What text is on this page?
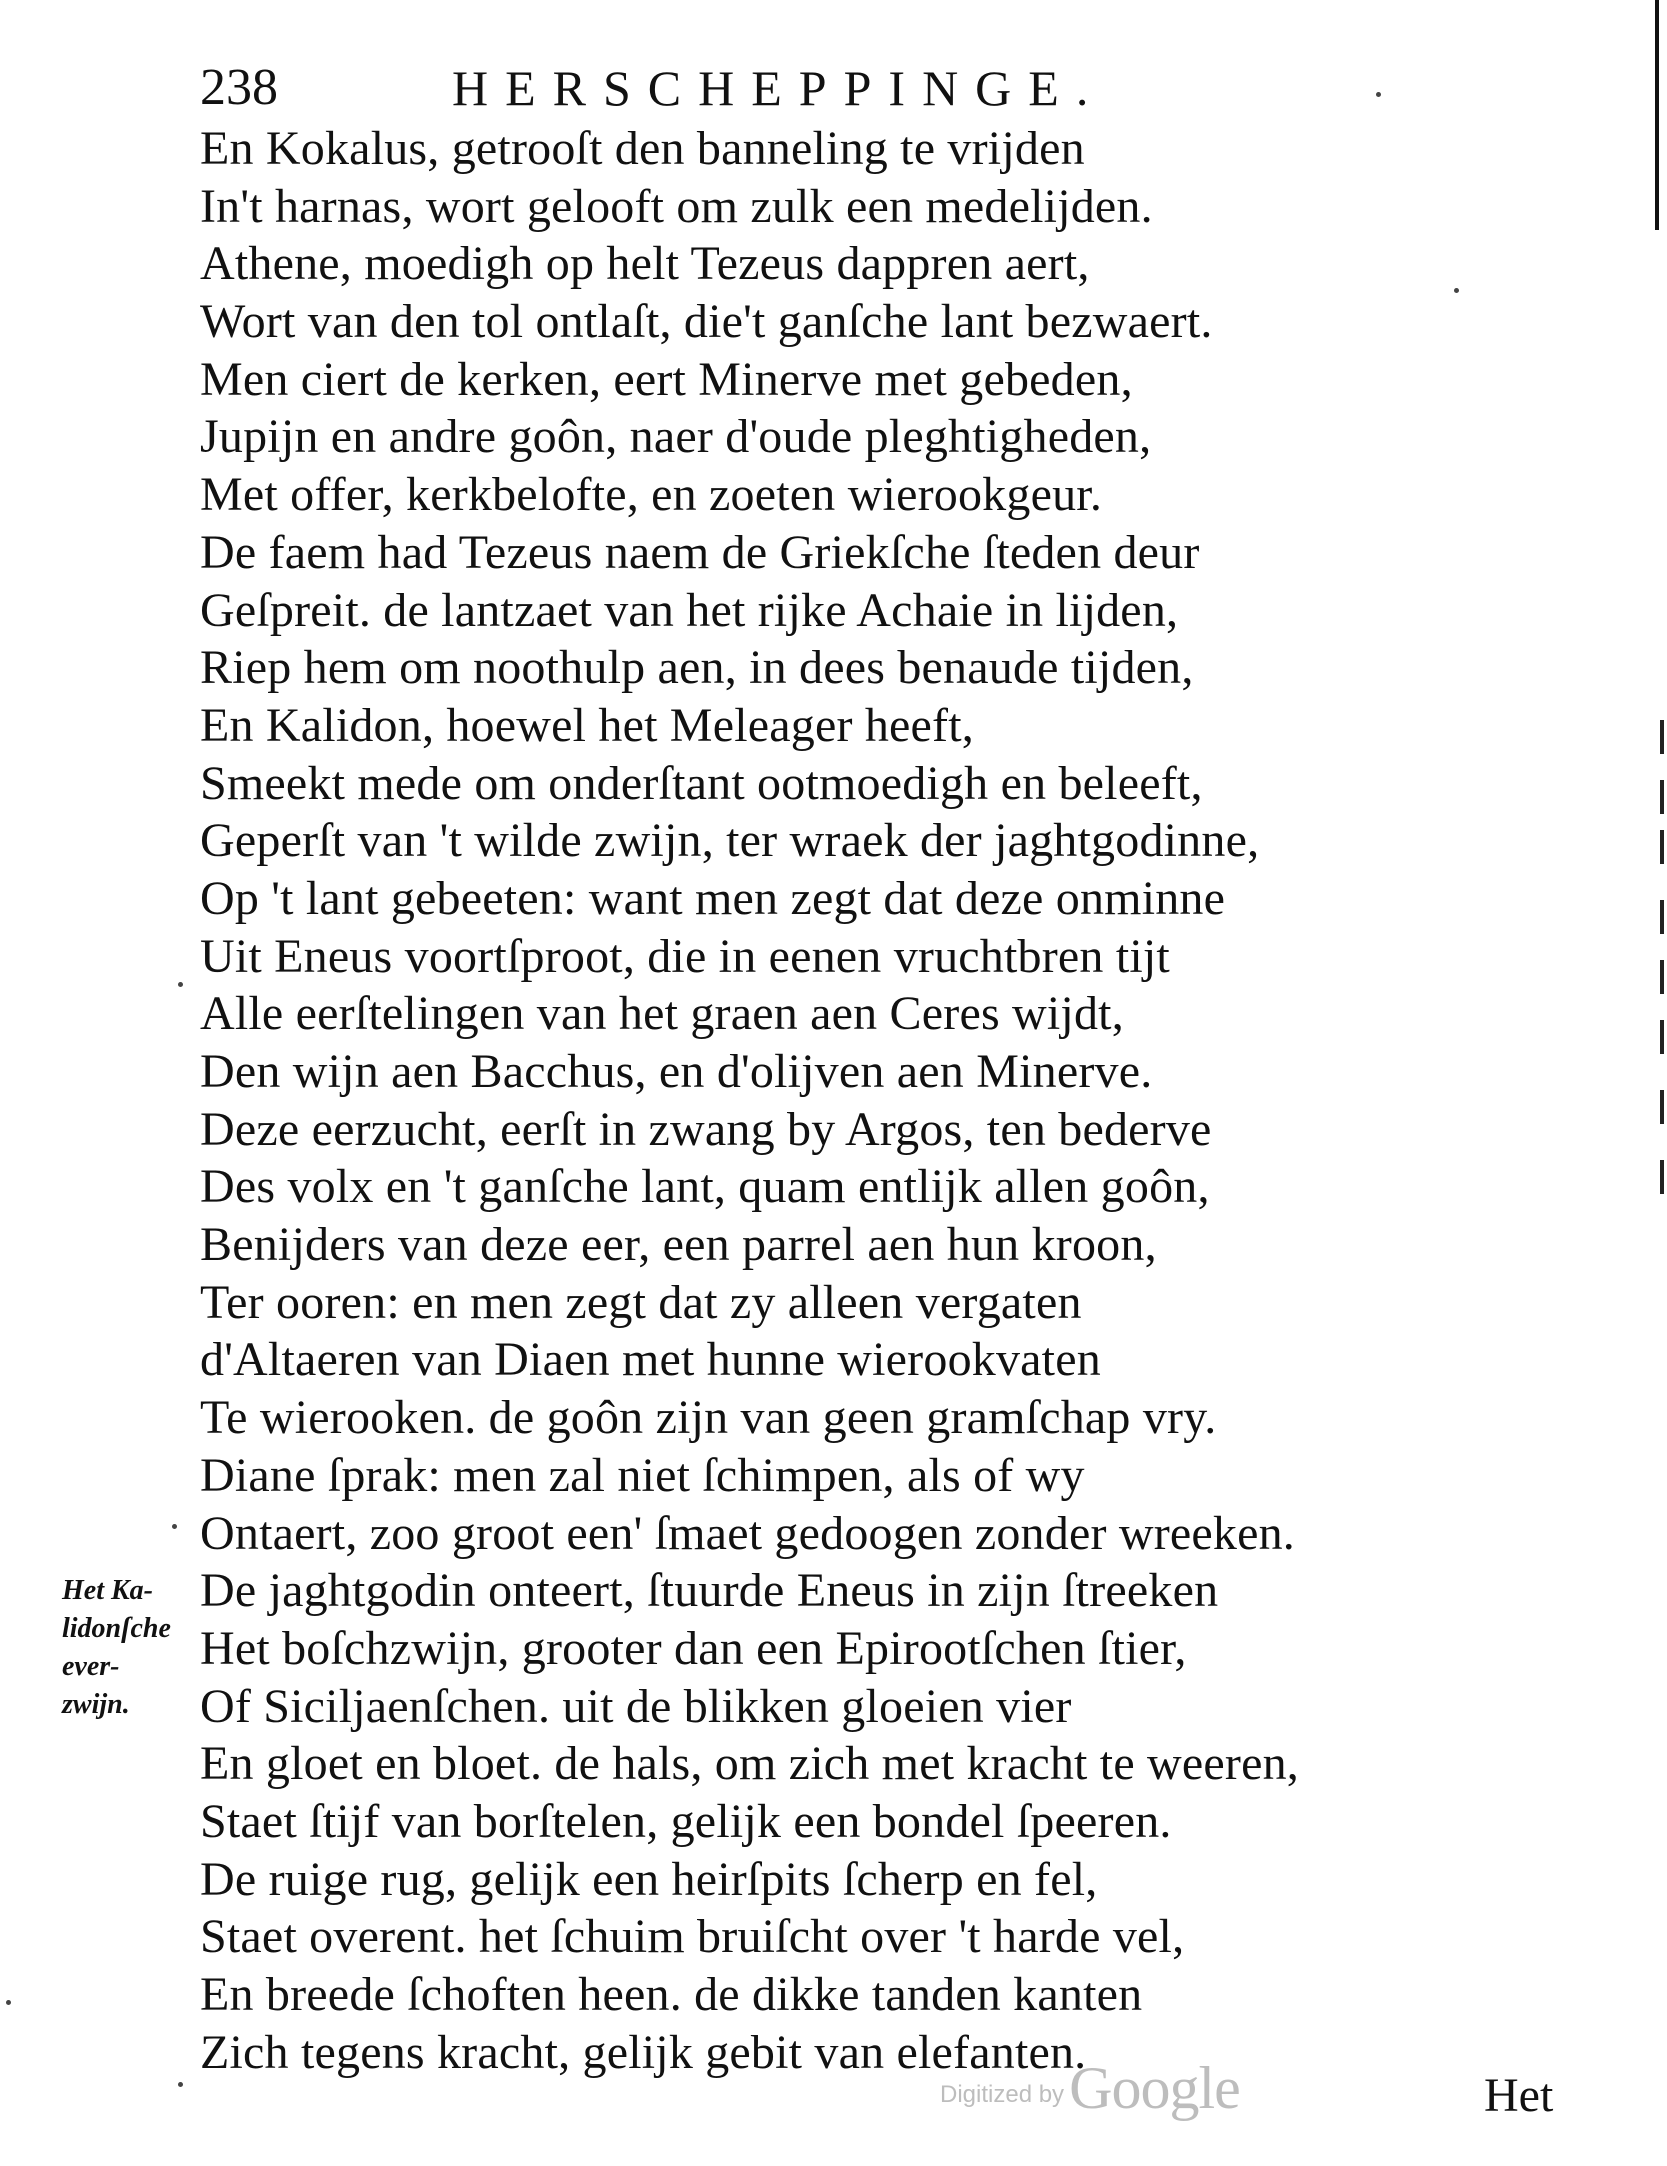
238	HERSCHEPPINGE.
En Kokalus, getrooſt den banneling te vrijden
In't harnas, wort gelooft om zulk een medelijden.
Athene, moedigh op helt Tezeus dappren aert,
Wort van den tol ontlaſt, die't ganſche lant bezwaert.
Men ciert de kerken, eert Minerve met gebeden,
Jupijn en andre goôn, naer d'oude pleghtigheden,
Met offer, kerkbelofte, en zoeten wierookgeur.
De faem had Tezeus naem de Griekſche ſteden deur
Geſpreit. de lantzaet van het rijke Achaie in lijden,
Riep hem om noothulp aen, in dees benaude tijden,
En Kalidon, hoewel het Meleager heeft,
Smeekt mede om onderſtant ootmoedigh en beleeft,
Geperſt van 't wilde zwijn, ter wraek der jaghtgodinne,
Op 't lant gebeeten: want men zegt dat deze onminne
Uit Eneus voortſproot, die in eenen vruchtbren tijt
Alle eerſtelingen van het graen aen Ceres wijdt,
Den wijn aen Bacchus, en d'olijven aen Minerve.
Deze eerzucht, eerſt in zwang by Argos, ten bederve
Des volx en 't ganſche lant, quam entlijk allen goôn,
Benijders van deze eer, een parrel aen hun kroon,
Ter ooren: en men zegt dat zy alleen vergaten
d'Altaeren van Diaen met hunne wierookvaten
Te wierooken. de goôn zijn van geen gramſchap vry.
Diane ſprak: men zal niet ſchimpen, als of wy
Ontaert, zoo groot een' ſmaet gedoogen zonder wreeken.
De jaghtgodin onteert, ſtuurde Eneus in zijn ſtreeken
Het boſchzwijn, grooter dan een Epirootſchen ſtier,
Of Siciljaenſchen. uit de blikken gloeien vier
En gloet en bloet. de hals, om zich met kracht te weeren,
Staet ſtijf van borſtelen, gelijk een bondel ſpeeren.
De ruige rug, gelijk een heirſpits ſcherp en fel,
Staet overent. het ſchuim bruiſcht over 't harde vel,
En breede ſchoften heen. de dikke tanden kanten
Zich tegens kracht, gelijk gebit van elefanten.
Het Ka-
lidonſche
ever-
zwijn.
Digitized by Google	Het
